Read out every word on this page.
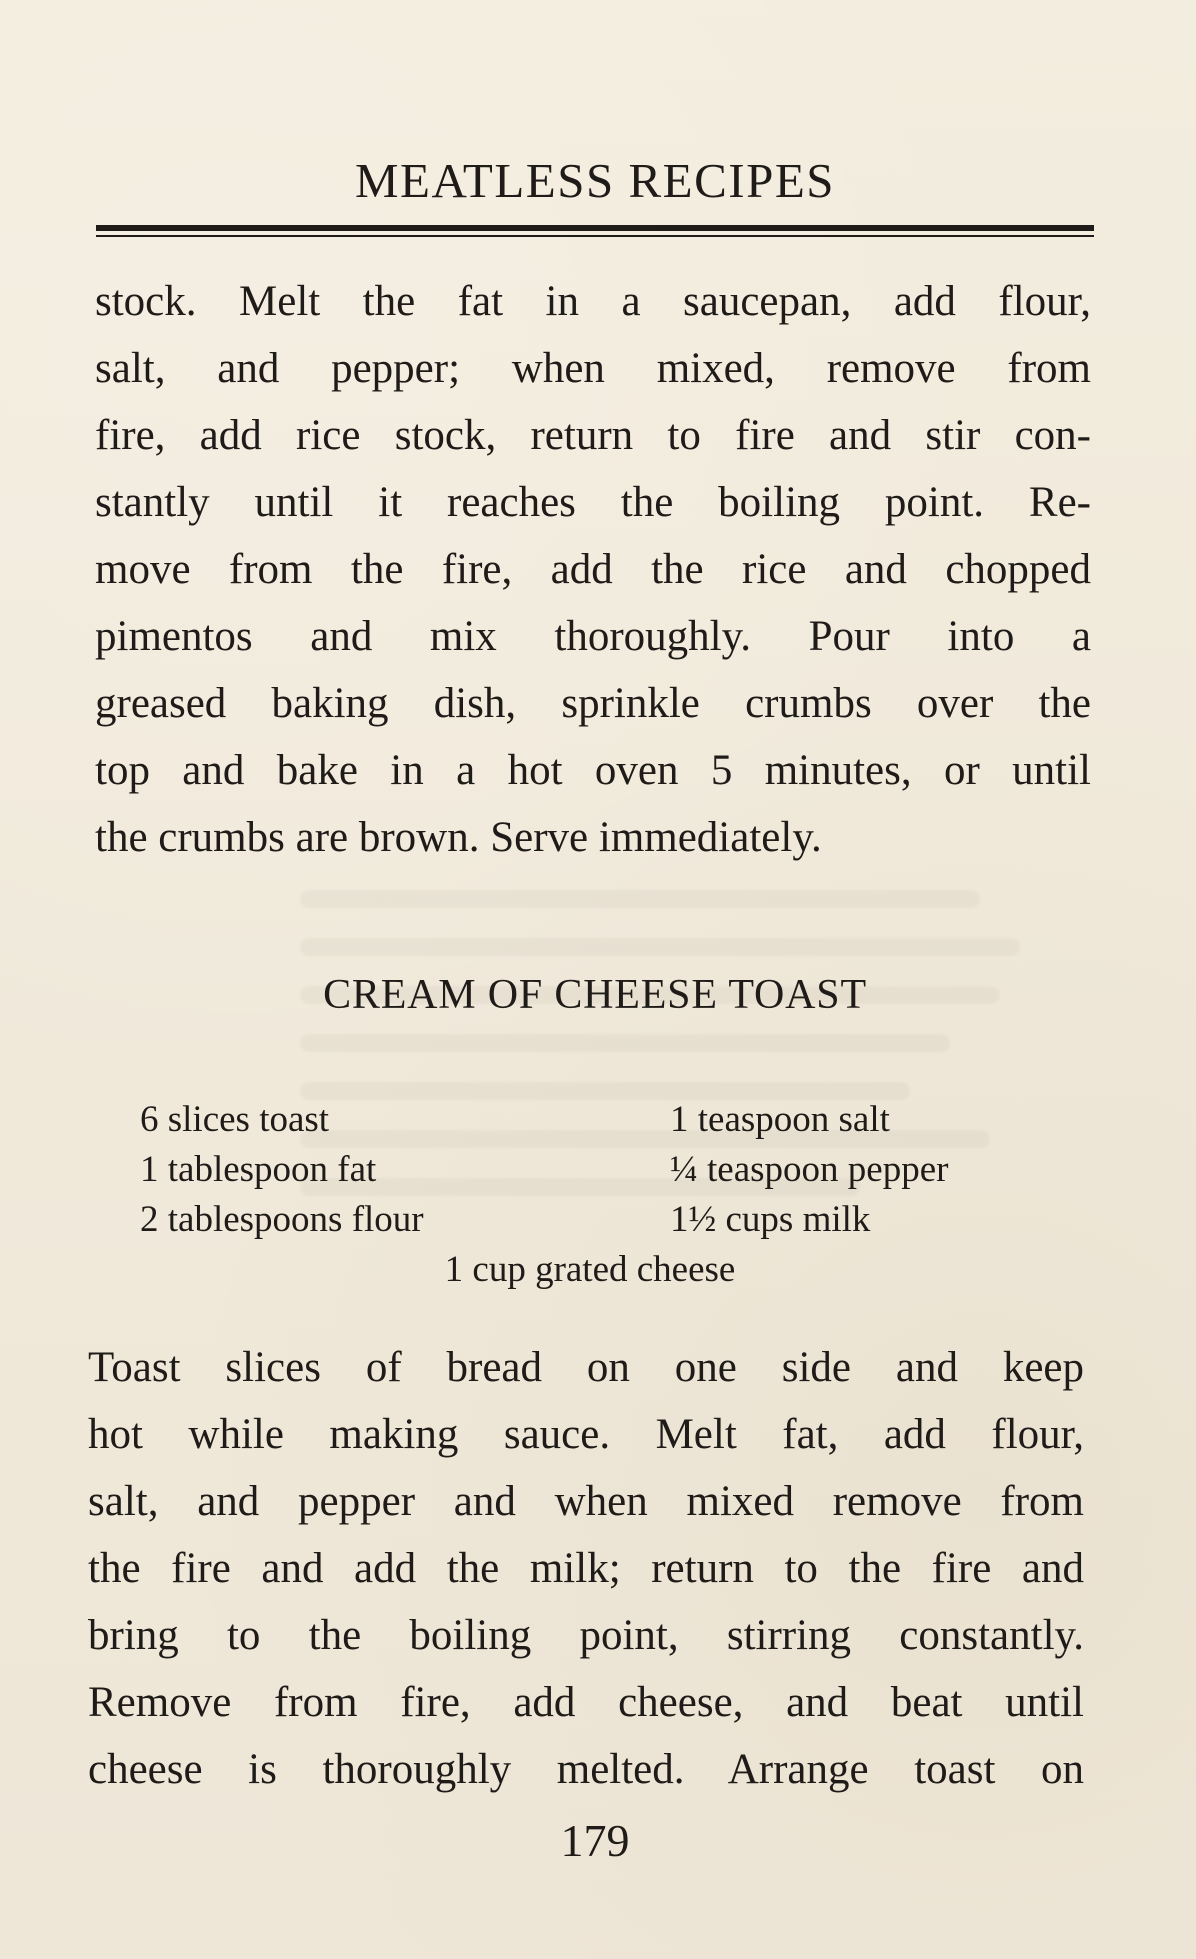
MEATLESS RECIPES
stock. Melt the fat in a saucepan, add flour,
salt, and pepper; when mixed, remove from
fire, add rice stock, return to fire and stir con-
stantly until it reaches the boiling point. Re-
move from the fire, add the rice and chopped
pimentos and mix thoroughly. Pour into a
greased baking dish, sprinkle crumbs over the
top and bake in a hot oven 5 minutes, or until
the crumbs are brown. Serve immediately.
CREAM OF CHEESE TOAST
6 slices toast	1 teaspoon salt
1 tablespoon fat	¼ teaspoon pepper
2 tablespoons flour	1½ cups milk
1 cup grated cheese
Toast slices of bread on one side and keep
hot while making sauce. Melt fat, add flour,
salt, and pepper and when mixed remove from
the fire and add the milk; return to the fire and
bring to the boiling point, stirring constantly.
Remove from fire, add cheese, and beat until
cheese is thoroughly melted. Arrange toast on
179
